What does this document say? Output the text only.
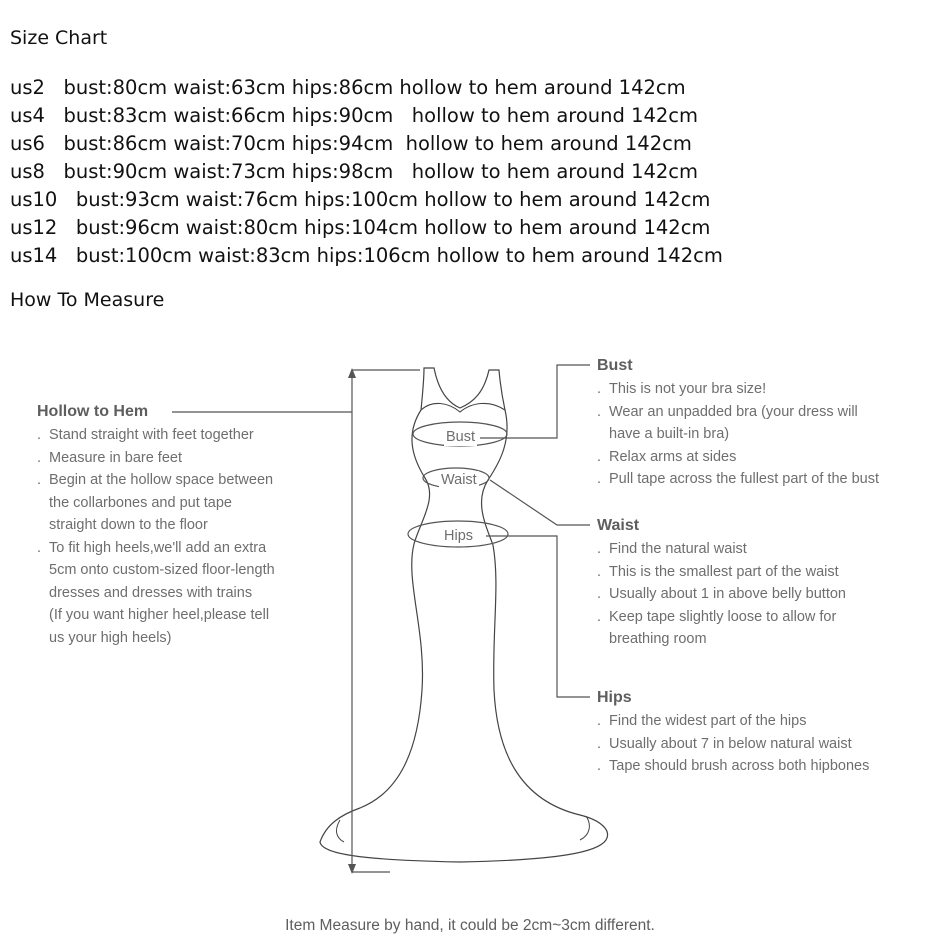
Size Chart
us2   bust:80cm waist:63cm hips:86cm hollow to hem around 142cm
us4   bust:83cm waist:66cm hips:90cm   hollow to hem around 142cm
us6   bust:86cm waist:70cm hips:94cm  hollow to hem around 142cm
us8   bust:90cm waist:73cm hips:98cm   hollow to hem around 142cm
us10   bust:93cm waist:76cm hips:100cm hollow to hem around 142cm
us12   bust:96cm waist:80cm hips:104cm hollow to hem around 142cm
us14   bust:100cm waist:83cm hips:106cm hollow to hem around 142cm
How To Measure
Bust
Waist
Hips
Hollow to Hem
. Stand straight with feet together
. Measure in bare feet
. Begin at the hollow space between
the collarbones and put tape
straight down to the floor
. To fit high heels,we'll add an extra
5cm onto custom-sized floor-length
dresses and dresses with trains
(If you want higher heel,please tell
us your high heels)
Bust
. This is not your bra size!
. Wear an unpadded bra (your dress will
have a built-in bra)
. Relax arms at sides
. Pull tape across the fullest part of the bust
Waist
. Find the natural waist
. This is the smallest part of the waist
. Usually about 1 in above belly button
. Keep tape slightly loose to allow for
breathing room
Hips
. Find the widest part of the hips
. Usually about 7 in below natural waist
. Tape should brush across both hipbones
Item Measure by hand, it could be 2cm~3cm different.
